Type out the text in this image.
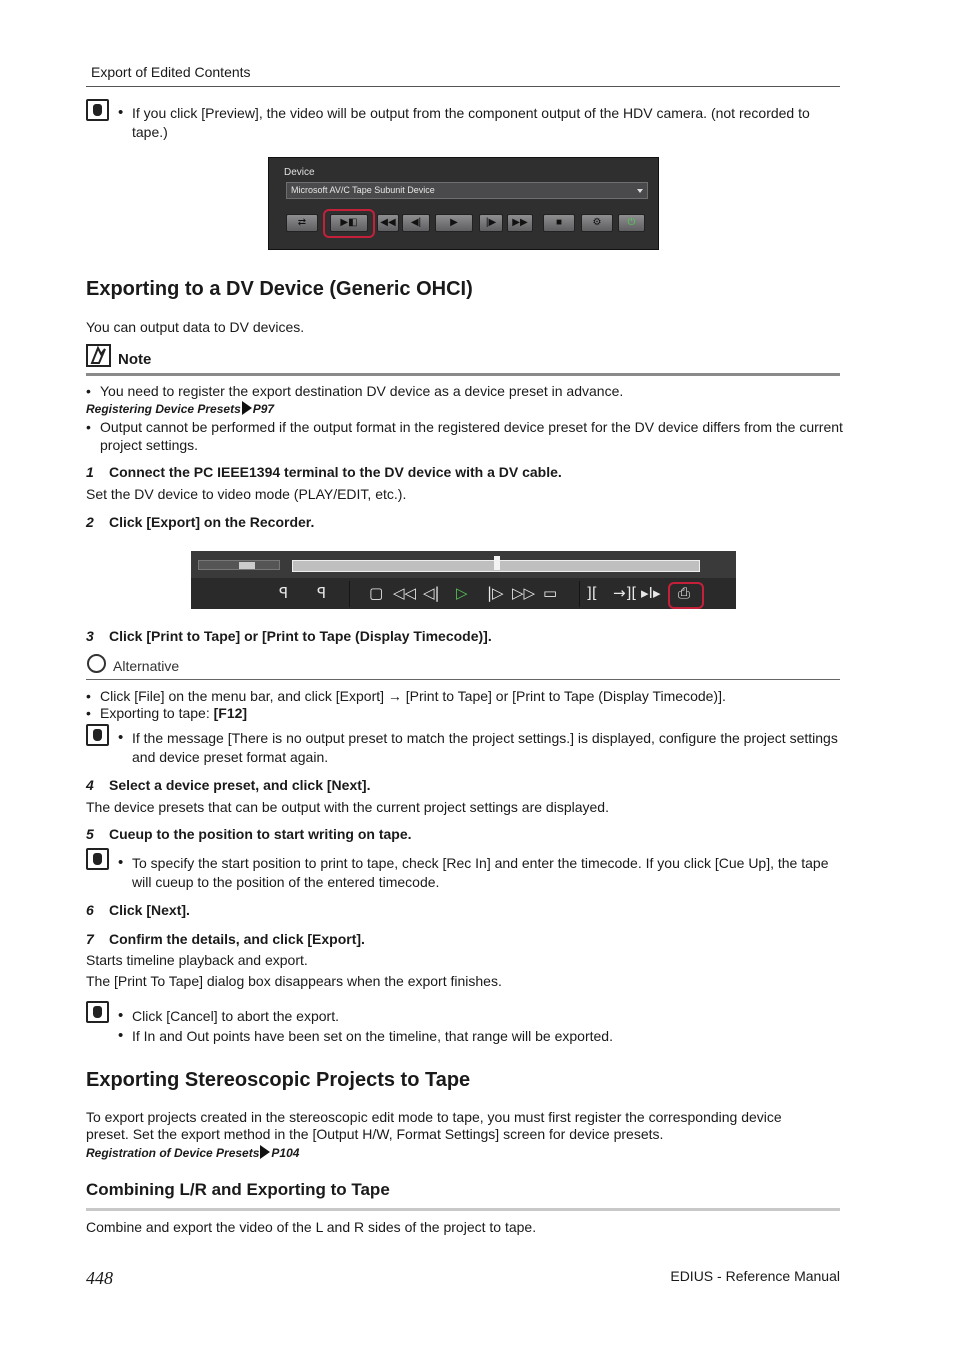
Export of Edited Contents
• If you click [Preview], the video will be output from the component output of the HDV camera. (not recorded to tape.)
Device
Microsoft AV/C Tape Subunit Device
⇄	▶◧	◀◀	◀|	▶	|▶	▶▶	■	⚙	⏻
Exporting to a DV Device (Generic OHCI)
You can output data to DV devices.
Note
• You need to register the export destination DV device as a device preset in advance.
Registering Device Presets P97
• Output cannot be performed if the output format in the registered device preset for the DV device differs from the current project settings.
1 Connect the PC IEEE1394 terminal to the DV device with a DV cable.
Set the DV device to video mode (PLAY/EDIT, etc.).
2 Click [Export] on the Recorder.
ꟼ ꟼ	▢ ◁◁ ◁| ▷ |▷ ▷▷ ▭ ][ →][ ▸I▸ ⎙
3 Click [Print to Tape] or [Print to Tape (Display Timecode)].
Alternative
• Click [File] on the menu bar, and click [Export] → [Print to Tape] or [Print to Tape (Display Timecode)].
• Exporting to tape: [F12]
• If the message [There is no output preset to match the project settings.] is displayed, configure the project settings and device preset format again.
4 Select a device preset, and click [Next].
The device presets that can be output with the current project settings are displayed.
5 Cueup to the position to start writing on tape.
• To specify the start position to print to tape, check [Rec In] and enter the timecode. If you click [Cue Up], the tape will cueup to the position of the entered timecode.
6 Click [Next].
7 Confirm the details, and click [Export].
Starts timeline playback and export.
The [Print To Tape] dialog box disappears when the export finishes.
• Click [Cancel] to abort the export.
• If In and Out points have been set on the timeline, that range will be exported.
Exporting Stereoscopic Projects to Tape
To export projects created in the stereoscopic edit mode to tape, you must first register the corresponding device preset. Set the export method in the [Output H/W, Format Settings] screen for device presets.
Registration of Device Presets P104
Combining L/R and Exporting to Tape
Combine and export the video of the L and R sides of the project to tape.
448	EDIUS - Reference Manual
